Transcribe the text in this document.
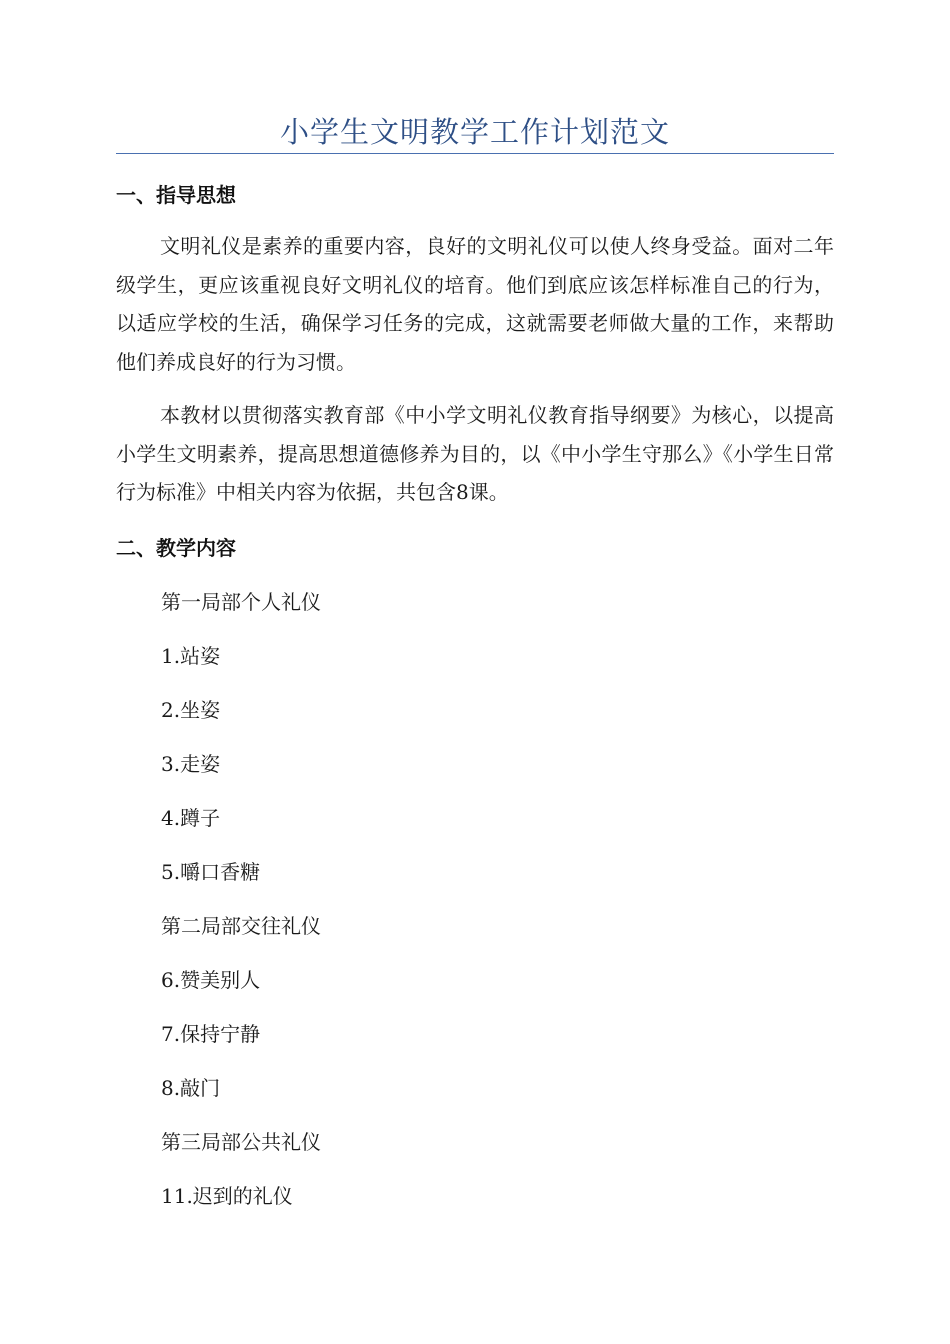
小学生文明教学工作计划范文
一、指导思想
文明礼仪是素养的重要内容，良好的文明礼仪可以使人终身受益。面对二年级学生，更应该重视良好文明礼仪的培育。他们到底应该怎样标准自己的行为，以适应学校的生活，确保学习任务的完成，这就需要老师做大量的工作，来帮助他们养成良好的行为习惯。
本教材以贯彻落实教育部《中小学文明礼仪教育指导纲要》为核心，以提高小学生文明素养，提高思想道德修养为目的，以《中小学生守那么》《小学生日常行为标准》中相关内容为依据，共包含8课。
二、教学内容
第一局部个人礼仪
1.站姿
2.坐姿
3.走姿
4.蹲子
5.嚼口香糖
第二局部交往礼仪
6.赞美别人
7.保持宁静
8.敲门
第三局部公共礼仪
11.迟到的礼仪
